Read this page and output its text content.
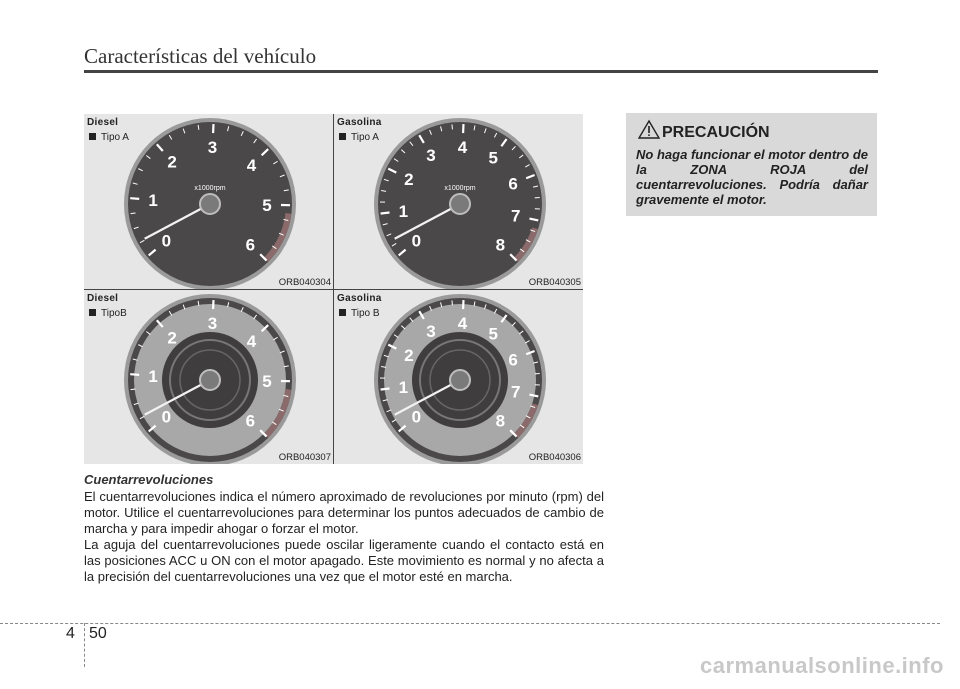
Características del vehículo
0
1
2
3
4
5
6
x1000rpm
Diesel
Tipo A
ORB040304
0
1
2
3 4
5
6
7
8
x1000rpm
Gasolina
Tipo A
ORB040305
0
1
2
3
4
5
6
Diesel
TipoB
ORB040307
0
1
2
3 4
5
6
7
8
Gasolina
Tipo B
ORB040306
PRECAUCIÓN
No haga funcionar el motor dentro de la ZONA ROJA del cuentarrevoluciones. Podría dañar gravemente el motor.
Cuentarrevoluciones
El cuentarrevoluciones indica el número aproximado de revoluciones por minuto (rpm) del motor. Utilice el cuentarrevoluciones para determinar los puntos adecuados de cambio de marcha y para impedir ahogar o forzar el motor.
La aguja del cuentarrevoluciones puede oscilar ligeramente cuando el contacto está en las posiciones ACC u ON con el motor apagado. Este movimiento es normal y no afecta a la precisión del cuentarrevoluciones una vez que el motor esté en marcha.
4 50
carmanualsonline.info
